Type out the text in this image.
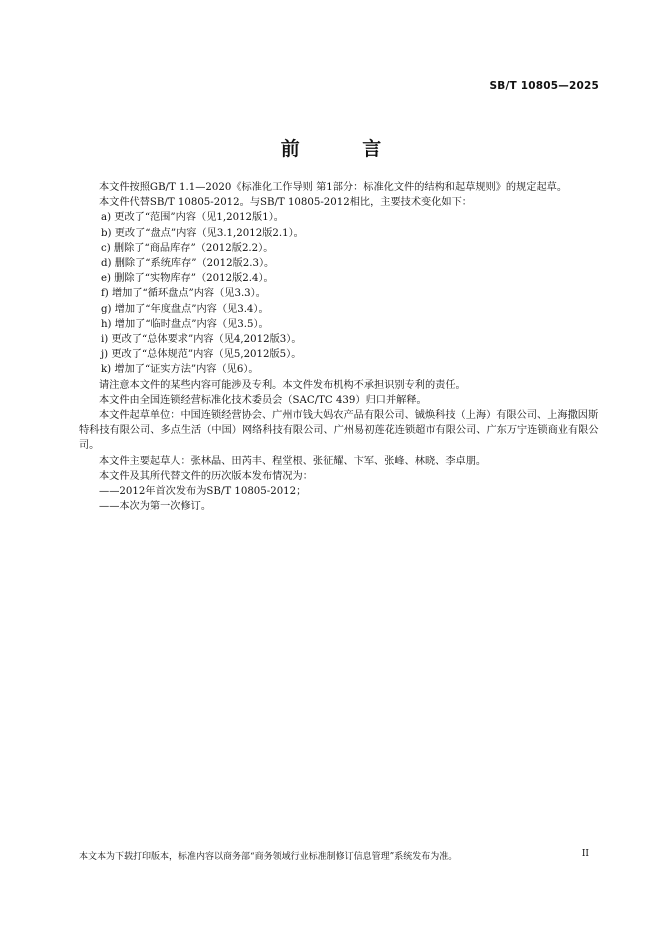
SB/T 10805—2025
前 言

本文件按照GB/T 1.1—2020《标准化工作导则 第1部分：标准化文件的结构和起草规则》的规定起草。

本文件代替SB/T 10805-2012。与SB/T 10805-2012相比，主要技术变化如下：

a) 更改了“范围”内容（见1,2012版1）。
b) 更改了“盘点”内容（见3.1,2012版2.1）。
c) 删除了“商品库存”（2012版2.2）。
d) 删除了“系统库存”（2012版2.3）。
e) 删除了“实物库存”（2012版2.4）。
f) 增加了“循环盘点”内容（见3.3）。
g) 增加了“年度盘点”内容（见3.4）。
h) 增加了“临时盘点”内容（见3.5）。
i) 更改了“总体要求”内容（见4,2012版3）。
j) 更改了“总体规范”内容（见5,2012版5）。
k) 增加了“证实方法”内容（见6）。

请注意本文件的某些内容可能涉及专利。本文件发布机构不承担识别专利的责任。

本文件由全国连锁经营标准化技术委员会（SAC/TC 439）归口并解释。

本文件起草单位：中国连锁经营协会、广州市钱大妈农产品有限公司、铖焕科技（上海）有限公司、上海撒因斯特科技有限公司、多点生活（中国）网络科技有限公司、广州易初莲花连锁超市有限公司、广东万宁连锁商业有限公司。

本文件主要起草人：张林晶、田芮丰、程堂根、张征耀、卞军、张峰、林晓、李卓朋。

本文件及其所代替文件的历次版本发布情况为：

——2012年首次发布为SB/T 10805-2012；

——本次为第一次修订。

本文本为下载打印版本，标准内容以商务部“商务领域行业标准制修订信息管理”系统发布为准。	II
